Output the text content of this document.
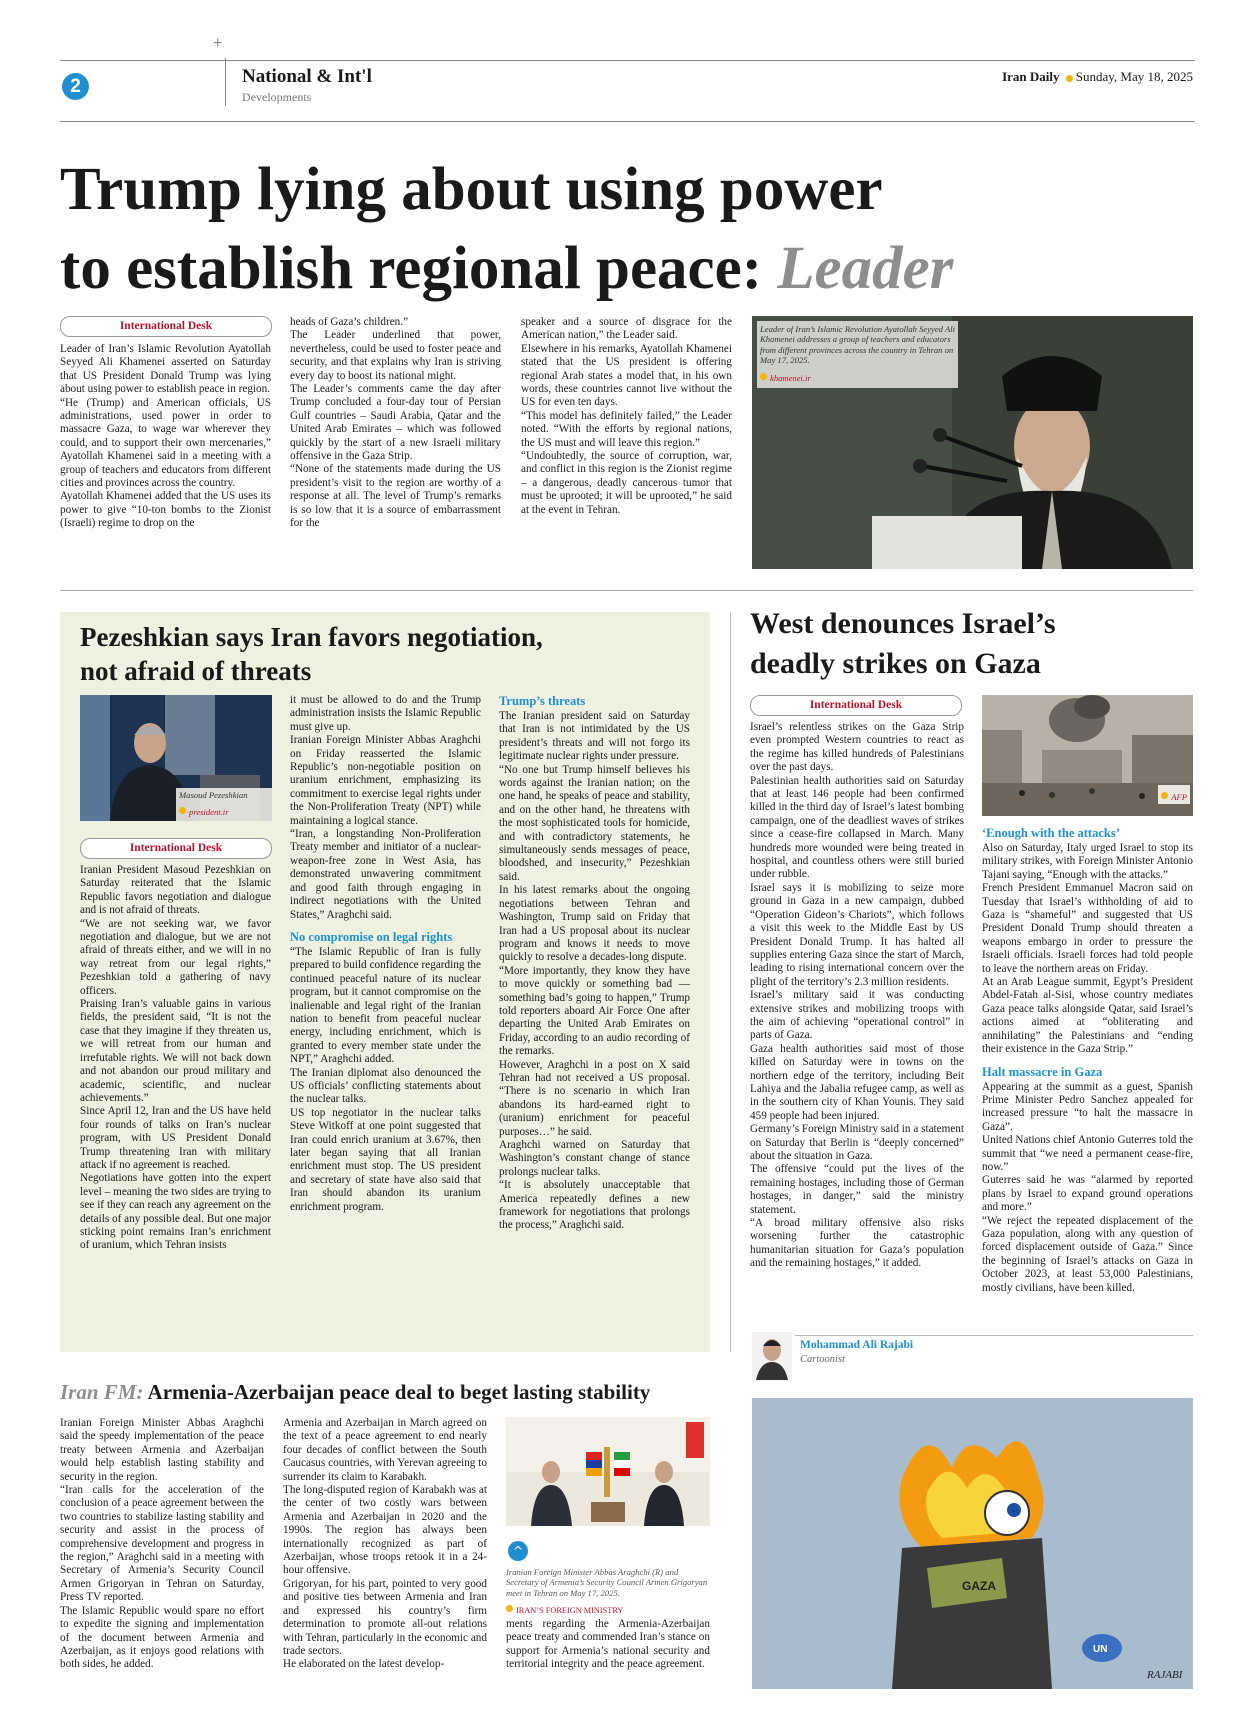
+
2	National & Int'l
Developments
Iran Daily Sunday, May 18, 2025
Trump lying about using power
to establish regional peace: Leader
International Desk

Leader of Iran’s Islamic Revolution Ayatollah Seyyed Ali Khamenei asserted on Saturday that US President Donald Trump was lying about using power to establish peace in region.

“He (Trump) and American officials, US administrations, used power in order to massacre Gaza, to wage war wherever they could, and to support their own mercenaries,” Ayatollah Khamenei said in a meeting with a group of teachers and educators from different cities and provinces across the country.

Ayatollah Khamenei added that the US uses its power to give “10-ton bombs to the Zionist (Israeli) regime to drop on the

heads of Gaza’s children.”

The Leader underlined that power, nevertheless, could be used to foster peace and security, and that explains why Iran is striving every day to boost its national might.

The Leader’s comments came the day after Trump concluded a four-day tour of Persian Gulf countries – Saudi Arabia, Qatar and the United Arab Emirates – which was followed quickly by the start of a new Israeli military offensive in the Gaza Strip.

“None of the statements made during the US president’s visit to the region are worthy of a response at all. The level of Trump’s remarks is so low that it is a source of embarrassment for the

speaker and a source of disgrace for the American nation,” the Leader said.

Elsewhere in his remarks, Ayatollah Khamenei stated that the US president is offering regional Arab states a model that, in his own words, these countries cannot live without the US for even ten days.

“This model has definitely failed,” the Leader noted. “With the efforts by regional nations, the US must and will leave this region.”

“Undoubtedly, the source of corruption, war, and conflict in this region is the Zionist regime – a dangerous, deadly cancerous tumor that must be uprooted; it will be uprooted,” he said at the event in Tehran.

Leader of Iran’s Islamic Revolution Ayatollah Seyyed Ali Khamenei addresses a group of teachers and educators from different provinces across the country in Tehran on May 17, 2025.
khamenei.ir
Pezeshkian says Iran favors negotiation,
not afraid of threats
Masoud Pezeshkian
president.ir
International Desk

Iranian President Masoud Pezeshkian on Saturday reiterated that the Islamic Republic favors negotiation and dialogue and is not afraid of threats.

“We are not seeking war, we favor negotiation and dialogue, but we are not afraid of threats either, and we will in no way retreat from our legal rights,” Pezeshkian told a gathering of navy officers.

Praising Iran’s valuable gains in various fields, the president said, “It is not the case that they imagine if they threaten us, we will retreat from our human and irrefutable rights. We will not back down and not abandon our proud military and academic, scientific, and nuclear achievements.”

Since April 12, Iran and the US have held four rounds of talks on Iran’s nuclear program, with US President Donald Trump threatening Iran with military attack if no agreement is reached.

Negotiations have gotten into the expert level – meaning the two sides are trying to see if they can reach any agreement on the details of any possible deal. But one major sticking point remains Iran’s enrichment of uranium, which Tehran insists

it must be allowed to do and the Trump administration insists the Islamic Republic must give up.

Iranian Foreign Minister Abbas Araghchi on Friday reasserted the Islamic Republic’s non-negotiable position on uranium enrichment, emphasizing its commitment to exercise legal rights under the Non-Proliferation Treaty (NPT) while maintaining a logical stance.

“Iran, a longstanding Non-Proliferation Treaty member and initiator of a nuclear-weapon-free zone in West Asia, has demonstrated unwavering commitment and good faith through engaging in indirect negotiations with the United States,” Araghchi said.

No compromise on legal rights

“The Islamic Republic of Iran is fully prepared to build confidence regarding the continued peaceful nature of its nuclear program, but it cannot compromise on the inalienable and legal right of the Iranian nation to benefit from peaceful nuclear energy, including enrichment, which is granted to every member state under the NPT,” Araghchi added.

The Iranian diplomat also denounced the US officials’ conflicting statements about the nuclear talks.

US top negotiator in the nuclear talks Steve Witkoff at one point suggested that Iran could enrich uranium at 3.67%, then later began saying that all Iranian enrichment must stop. The US president and secretary of state have also said that Iran should abandon its uranium enrichment program.

Trump’s threats

The Iranian president said on Saturday that Iran is not intimidated by the US president’s threats and will not forgo its legitimate nuclear rights under pressure.

“No one but Trump himself believes his words against the Iranian nation; on the one hand, he speaks of peace and stability, and on the other hand, he threatens with the most sophisticated tools for homicide, and with contradictory statements, he simultaneously sends messages of peace, bloodshed, and insecurity,” Pezeshkian said.

In his latest remarks about the ongoing negotiations between Tehran and Washington, Trump said on Friday that Iran had a US proposal about its nuclear program and knows it needs to move quickly to resolve a decades-long dispute.

“More importantly, they know they have to move quickly or something bad — something bad’s going to happen,” Trump told reporters aboard Air Force One after departing the United Arab Emirates on Friday, according to an audio recording of the remarks.

However, Araghchi in a post on X said Tehran had not received a US proposal. “There is no scenario in which Iran abandons its hard-earned right to (uranium) enrichment for peaceful purposes…” he said.

Araghchi warned on Saturday that Washington’s constant change of stance prolongs nuclear talks.

“It is absolutely unacceptable that America repeatedly defines a new framework for negotiations that prolongs the process,” Araghchi said.

West denounces Israel’s
deadly strikes on Gaza
International Desk

Israel’s relentless strikes on the Gaza Strip even prompted Western countries to react as the regime has killed hundreds of Palestinians over the past days.

Palestinian health authorities said on Saturday that at least 146 people had been confirmed killed in the third day of Israel’s latest bombing campaign, one of the deadliest waves of strikes since a cease-fire collapsed in March. Many hundreds more wounded were being treated in hospital, and countless others were still buried under rubble.

Israel says it is mobilizing to seize more ground in Gaza in a new campaign, dubbed “Operation Gideon’s Chariots”, which follows a visit this week to the Middle East by US President Donald Trump. It has halted all supplies entering Gaza since the start of March, leading to rising international concern over the plight of the territory’s 2.3 million residents.

Israel’s military said it was conducting extensive strikes and mobilizing troops with the aim of achieving “operational control” in parts of Gaza.

Gaza health authorities said most of those killed on Saturday were in towns on the northern edge of the territory, including Beit Lahiya and the Jabalia refugee camp, as well as in the southern city of Khan Younis. They said 459 people had been injured.

Germany’s Foreign Ministry said in a statement on Saturday that Berlin is “deeply concerned” about the situation in Gaza.

The offensive “could put the lives of the remaining hostages, including those of German hostages, in danger,” said the ministry statement.

“A broad military offensive also risks worsening further the catastrophic humanitarian situation for Gaza’s population and the remaining hostages,” it added.

AFP
‘Enough with the attacks’

Also on Saturday, Italy urged Israel to stop its military strikes, with Foreign Minister Antonio Tajani saying, “Enough with the attacks.”

French President Emmanuel Macron said on Tuesday that Israel’s withholding of aid to Gaza is “shameful” and suggested that US President Donald Trump should threaten a weapons embargo in order to pressure the Israeli officials. Israeli forces had told people to leave the northern areas on Friday.

At an Arab League summit, Egypt’s President Abdel-Fatah al-Sisi, whose country mediates Gaza peace talks alongside Qatar, said Israel’s actions aimed at “obliterating and annihilating” the Palestinians and “ending their existence in the Gaza Strip.”

Halt massacre in Gaza

Appearing at the summit as a guest, Spanish Prime Minister Pedro Sanchez appealed for increased pressure “to halt the massacre in Gaza”.

United Nations chief Antonio Guterres told the summit that “we need a permanent cease-fire, now.”

Guterres said he was “alarmed by reported plans by Israel to expand ground operations and more.”

“We reject the repeated displacement of the Gaza population, along with any question of forced displacement outside of Gaza.” Since the beginning of Israel’s attacks on Gaza in October 2023, at least 53,000 Palestinians, mostly civilians, have been killed.

Mohammad Ali Rajabi
Cartoonist
GAZA
UN
RAJABI
Iran FM: Armenia-Azerbaijan peace deal to beget lasting stability

Iranian Foreign Minister Abbas Araghchi said the speedy implementation of the peace treaty between Armenia and Azerbaijan would help establish lasting stability and security in the region.

“Iran calls for the acceleration of the conclusion of a peace agreement between the two countries to stabilize lasting stability and security and assist in the process of comprehensive development and progress in the region,” Araghchi said in a meeting with Secretary of Armenia’s Security Council Armen Grigoryan in Tehran on Saturday, Press TV reported.

The Islamic Republic would spare no effort to expedite the signing and implementation of the document between Armenia and Azerbaijan, as it enjoys good relations with both sides, he added.

Armenia and Azerbaijan in March agreed on the text of a peace agreement to end nearly four decades of conflict between the South Caucasus countries, with Yerevan agreeing to surrender its claim to Karabakh.

The long-disputed region of Karabakh was at the center of two costly wars between Armenia and Azerbaijan in 2020 and the 1990s. The region has always been internationally recognized as part of Azerbaijan, whose troops retook it in a 24-hour offensive.

Grigoryan, for his part, pointed to very good and positive ties between Armenia and Iran and expressed his country’s firm determination to promote all-out relations with Tehran, particularly in the economic and trade sectors.

He elaborated on the latest develop-

^
Iranian Foreign Minister Abbas Araghchi (R) and Secretary of Armenia’s Security Council Armen Grigoryan meet in Tehran on May 17, 2025.
IRAN’S FOREIGN MINISTRY

ments regarding the Armenia-Azerbaijan peace treaty and commended Iran’s stance on support for Armenia’s national security and territorial integrity and the peace agreement.
